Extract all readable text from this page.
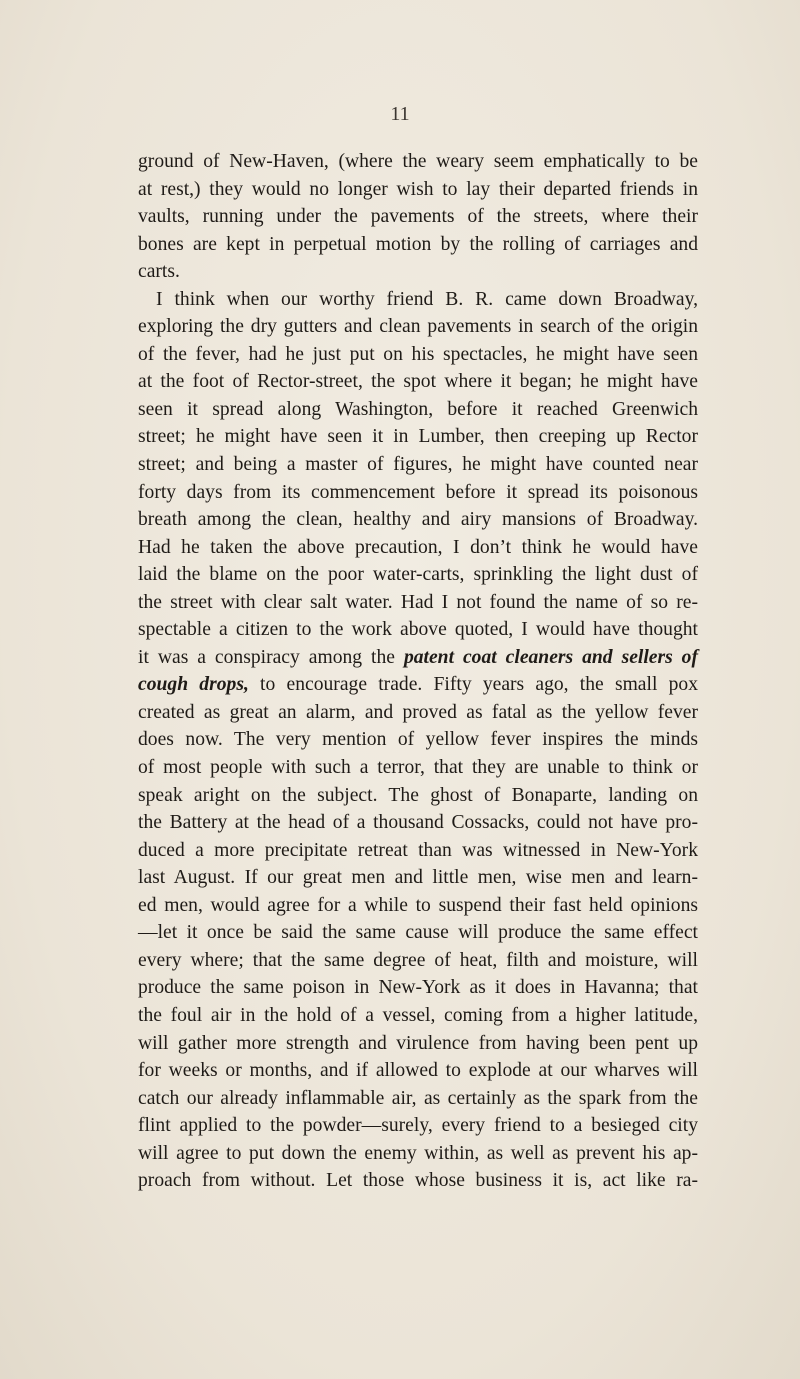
11
ground of New-Haven, (where the weary seem emphatically to be
at rest,) they would no longer wish to lay their departed friends in
vaults, running under the pavements of the streets, where their
bones are kept in perpetual motion by the rolling of carriages and
carts.
I think when our worthy friend B. R. came down Broadway,
exploring the dry gutters and clean pavements in search of the origin
of the fever, had he just put on his spectacles, he might have seen
at the foot of Rector-street, the spot where it began; he might have
seen it spread along Washington, before it reached Greenwich
street; he might have seen it in Lumber, then creeping up Rector
street; and being a master of figures, he might have counted near
forty days from its commencement before it spread its poisonous
breath among the clean, healthy and airy mansions of Broadway.
Had he taken the above precaution, I don’t think he would have
laid the blame on the poor water-carts, sprinkling the light dust of
the street with clear salt water. Had I not found the name of so re-
spectable a citizen to the work above quoted, I would have thought
it was a conspiracy among the patent coat cleaners and sellers of
cough drops, to encourage trade. Fifty years ago, the small pox
created as great an alarm, and proved as fatal as the yellow fever
does now. The very mention of yellow fever inspires the minds
of most people with such a terror, that they are unable to think or
speak aright on the subject. The ghost of Bonaparte, landing on
the Battery at the head of a thousand Cossacks, could not have pro-
duced a more precipitate retreat than was witnessed in New-York
last August. If our great men and little men, wise men and learn-
ed men, would agree for a while to suspend their fast held opinions
—let it once be said the same cause will produce the same effect
every where; that the same degree of heat, filth and moisture, will
produce the same poison in New-York as it does in Havanna; that
the foul air in the hold of a vessel, coming from a higher latitude,
will gather more strength and virulence from having been pent up
for weeks or months, and if allowed to explode at our wharves will
catch our already inflammable air, as certainly as the spark from the
flint applied to the powder—surely, every friend to a besieged city
will agree to put down the enemy within, as well as prevent his ap-
proach from without. Let those whose business it is, act like ra-
